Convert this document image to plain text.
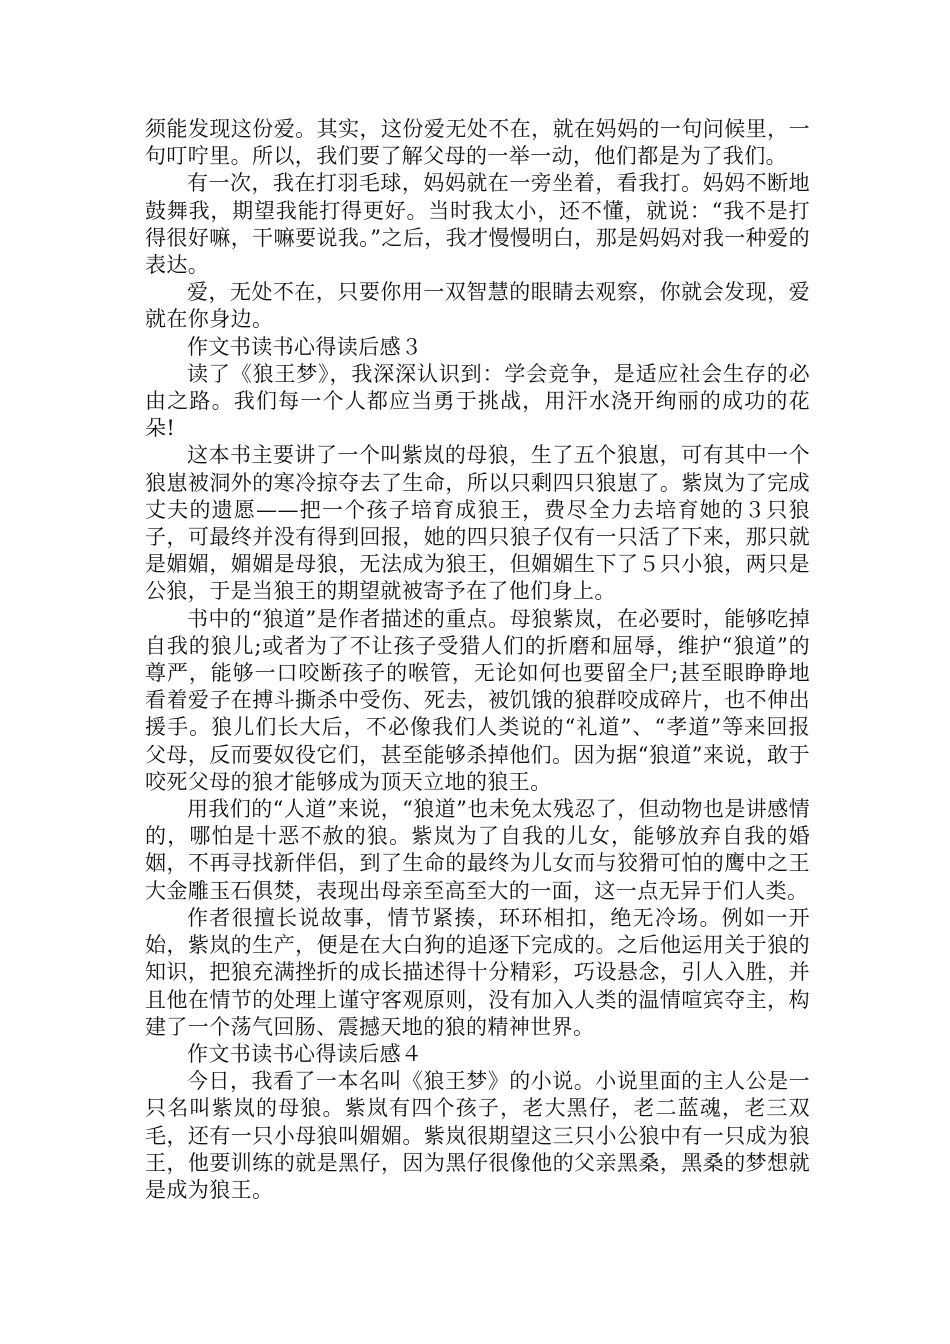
须能发现这份爱。其实，这份爱无处不在，就在妈妈的一句问候里，一句叮咛里。所以，我们要了解父母的一举一动，他们都是为了我们。

有一次，我在打羽毛球，妈妈就在一旁坐着，看我打。妈妈不断地鼓舞我，期望我能打得更好。当时我太小，还不懂，就说：“我不是打得很好嘛，干嘛要说我。”之后，我才慢慢明白，那是妈妈对我一种爱的表达。

爱，无处不在，只要你用一双智慧的眼睛去观察，你就会发现，爱就在你身边。

作文书读书心得读后感３

读了《狼王梦》，我深深认识到：学会竞争，是适应社会生存的必由之路。我们每一个人都应当勇于挑战，用汗水浇开绚丽的成功的花朵!

这本书主要讲了一个叫紫岚的母狼，生了五个狼崽，可有其中一个狼崽被洞外的寒冷掠夺去了生命，所以只剩四只狼崽了。紫岚为了完成丈夫的遗愿——把一个孩子培育成狼王，费尽全力去培育她的３只狼子，可最终并没有得到回报，她的四只狼子仅有一只活了下来，那只就是媚媚，媚媚是母狼，无法成为狼王，但媚媚生下了５只小狼，两只是公狼，于是当狼王的期望就被寄予在了他们身上。

书中的“狼道”是作者描述的重点。母狼紫岚，在必要时，能够吃掉自我的狼儿;或者为了不让孩子受猎人们的折磨和屈辱，维护“狼道”的尊严，能够一口咬断孩子的喉管，无论如何也要留全尸;甚至眼睁睁地看着爱子在搏斗撕杀中受伤、死去，被饥饿的狼群咬成碎片，也不伸出援手。狼儿们长大后，不必像我们人类说的“礼道”、“孝道”等来回报父母，反而要奴役它们，甚至能够杀掉他们。因为据“狼道”来说，敢于咬死父母的狼才能够成为顶天立地的狼王。

用我们的“人道”来说，“狼道”也未免太残忍了，但动物也是讲感情的，哪怕是十恶不赦的狼。紫岚为了自我的儿女，能够放弃自我的婚姻，不再寻找新伴侣，到了生命的最终为儿女而与狡猾可怕的鹰中之王大金雕玉石俱焚，表现出母亲至高至大的一面，这一点无异于们人类。

作者很擅长说故事，情节紧揍，环环相扣，绝无冷场。例如一开始，紫岚的生产，便是在大白狗的追逐下完成的。之后他运用关于狼的知识，把狼充满挫折的成长描述得十分精彩，巧设悬念，引人入胜，并且他在情节的处理上谨守客观原则，没有加入人类的温情喧宾夺主，构建了一个荡气回肠、震撼天地的狼的精神世界。

作文书读书心得读后感４

今日，我看了一本名叫《狼王梦》的小说。小说里面的主人公是一只名叫紫岚的母狼。紫岚有四个孩子，老大黑仔，老二蓝魂，老三双毛，还有一只小母狼叫媚媚。紫岚很期望这三只小公狼中有一只成为狼王，他要训练的就是黑仔，因为黑仔很像他的父亲黑桑，黑桑的梦想就是成为狼王。
